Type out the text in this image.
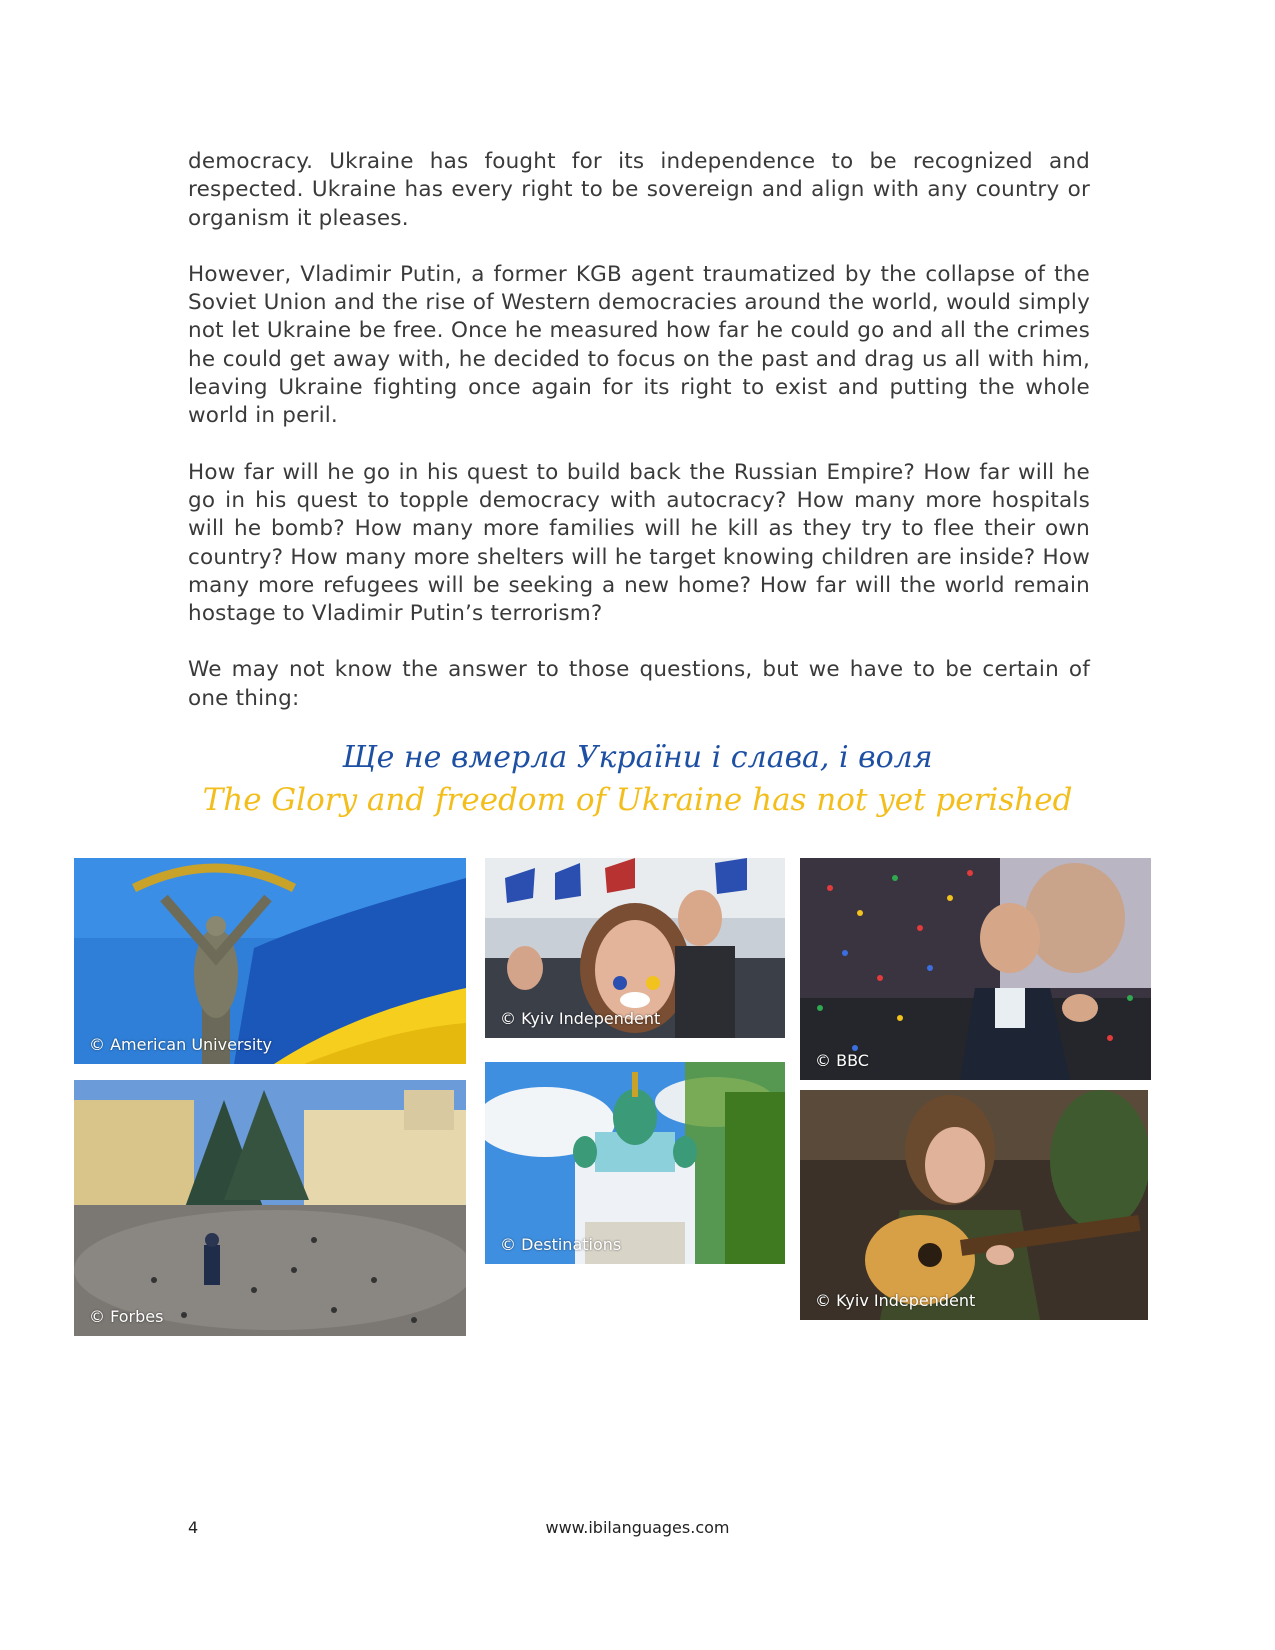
democracy. Ukraine has fought for its independence to be recognized and respected. Ukraine has every right to be sovereign and align with any country or organism it pleases.

However, Vladimir Putin, a former KGB agent traumatized by the collapse of the Soviet Union and the rise of Western democracies around the world, would simply not let Ukraine be free. Once he measured how far he could go and all the crimes he could get away with, he decided to focus on the past and drag us all with him, leaving Ukraine fighting once again for its right to exist and putting the whole world in peril.

How far will he go in his quest to build back the Russian Empire? How far will he go in his quest to topple democracy with autocracy? How many more hospitals will he bomb? How many more families will he kill as they try to flee their own country? How many more shelters will he target knowing children are inside? How many more refugees will be seeking a new home? How far will the world remain hostage to Vladimir Putin’s terrorism?

We may not know the answer to those questions, but we have to be certain of one thing:

Ще не вмерла України і слава, і воля
The Glory and freedom of Ukraine has not yet perished
© American University
© Kyiv Independent
© BBC
© Forbes
© Destinations
© Kyiv Independent
4	www.ibilanguages.com
